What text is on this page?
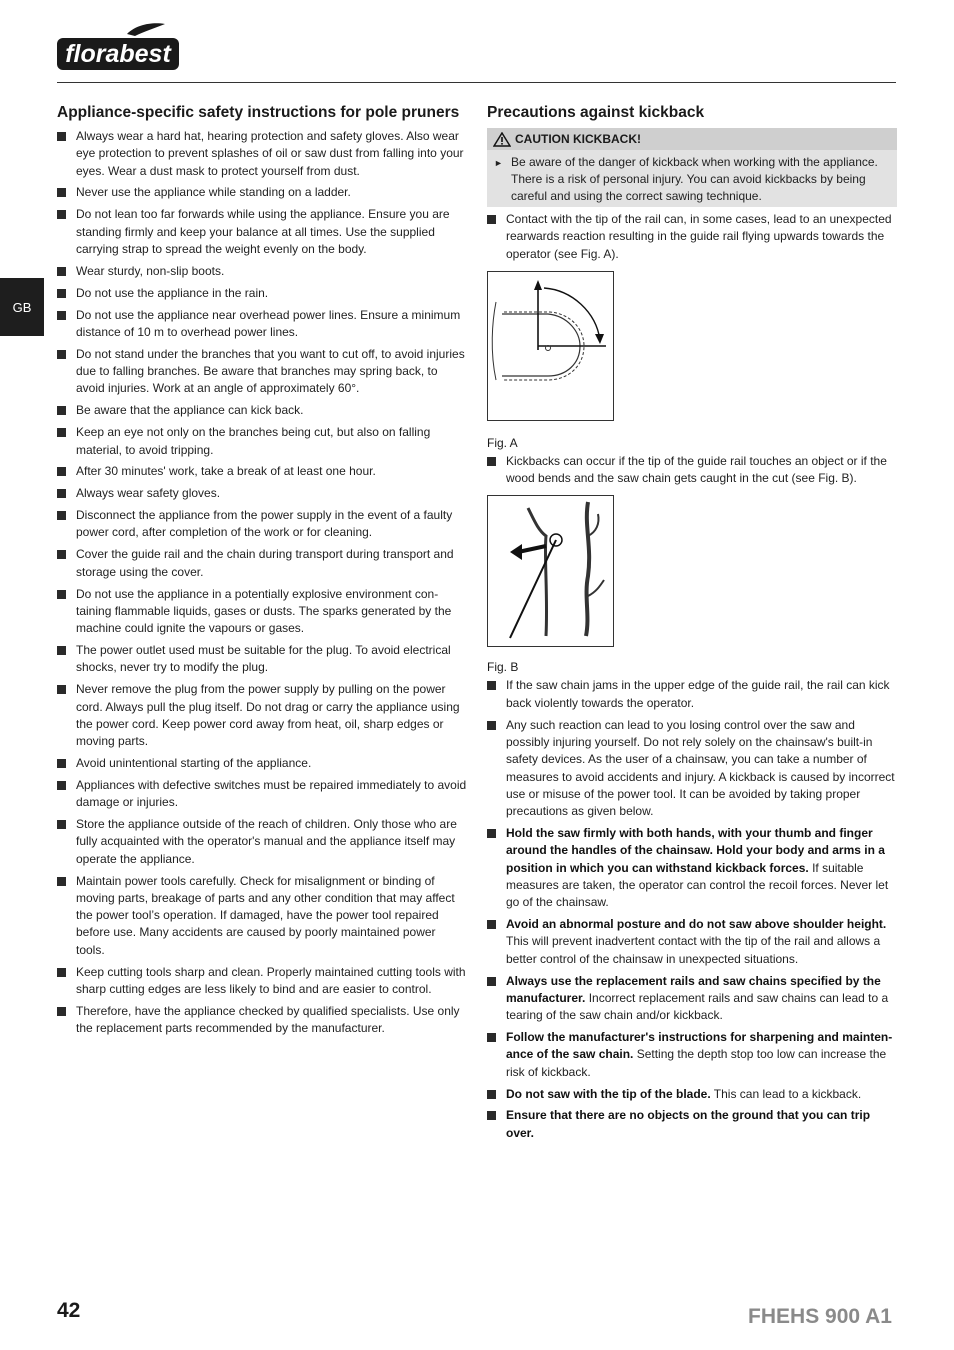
florabest
GB
Appliance-specific safety instructions for pole pruners
Always wear a hard hat, hearing protection and safety gloves. Also wear eye protection to prevent splashes of oil or saw dust from falling into your eyes. Wear a dust mask to protect yourself from dust.
Never use the appliance while standing on a ladder.
Do not lean too far forwards while using the appliance. Ensure you are standing firmly and keep your balance at all times. Use the supplied carrying strap to spread the weight evenly on the body.
Wear sturdy, non-slip boots.
Do not use the appliance in the rain.
Do not use the appliance near overhead power lines. Ensure a minimum distance of 10 m to overhead power lines.
Do not stand under the branches that you want to cut off, to avoid injuries due to falling branches. Be aware that branches may spring back, to avoid injuries. Work at an angle of approximately 60°.
Be aware that the appliance can kick back.
Keep an eye not only on the branches being cut, but also on falling material, to avoid tripping.
After 30 minutes' work, take a break of at least one hour.
Always wear safety gloves.
Disconnect the appliance from the power supply in the event of a faulty power cord, after completion of the work or for cleaning.
Cover the guide rail and the chain during transport during transport and storage using the cover.
Do not use the appliance in a potentially explosive environment con-taining flammable liquids, gases or dusts. The sparks generated by the machine could ignite the vapours or gases.
The power outlet used must be suitable for the plug. To avoid electrical shocks, never try to modify the plug.
Never remove the plug from the power supply by pulling on the power cord. Always pull the plug itself. Do not drag or carry the appliance using the power cord. Keep power cord away from heat, oil, sharp edges or moving parts.
Avoid unintentional starting of the appliance.
Appliances with defective switches must be repaired immediately to avoid damage or injuries.
Store the appliance outside of the reach of children. Only those who are fully acquainted with the operator's manual and the appliance itself may operate the appliance.
Maintain power tools carefully. Check for misalignment or binding of moving parts, breakage of parts and any other condition that may affect the power tool’s operation. If damaged, have the power tool repaired before use. Many accidents are caused by poorly maintained power tools.
Keep cutting tools sharp and clean. Properly maintained cutting tools with sharp cutting edges are less likely to bind and are easier to control.
Therefore, have the appliance checked by qualified specialists. Use only the replacement parts recommended by the manufacturer.
Precautions against kickback
CAUTION KICKBACK!
► Be aware of the danger of kickback when working with the appliance. There is a risk of personal injury. You can avoid kickbacks by being careful and using the correct sawing technique.
Contact with the tip of the rail can, in some cases, lead to an unexpected rearwards reaction resulting in the guide rail flying upwards towards the operator (see Fig. A).
Fig. A
Kickbacks can occur if the tip of the guide rail touches an object or if the wood bends and the saw chain gets caught in the cut (see Fig. B).
Fig. B
If the saw chain jams in the upper edge of the guide rail, the rail can kick back violently towards the operator.
Any such reaction can lead to you losing control over the saw and possibly injuring yourself. Do not rely solely on the chainsaw's built-in safety devices. As the user of a chainsaw, you can take a number of measures to avoid accidents and injury. A kickback is caused by incorrect use or misuse of the power tool. It can be avoided by taking proper precautions as given below.
Hold the saw firmly with both hands, with your thumb and finger around the handles of the chainsaw. Hold your body and arms in a position in which you can withstand kickback forces. If suitable measures are taken, the operator can control the recoil forces. Never let go of the chainsaw.
Avoid an abnormal posture and do not saw above shoulder height. This will prevent inadvertent contact with the tip of the rail and allows a better control of the chainsaw in unexpected situations.
Always use the replacement rails and saw chains specified by the manufacturer. Incorrect replacement rails and saw chains can lead to a tearing of the saw chain and/or kickback.
Follow the manufacturer's instructions for sharpening and mainten-ance of the saw chain. Setting the depth stop too low can increase the risk of kickback.
Do not saw with the tip of the blade. This can lead to a kickback.
Ensure that there are no objects on the ground that you can trip over.
42	FHEHS 900 A1
